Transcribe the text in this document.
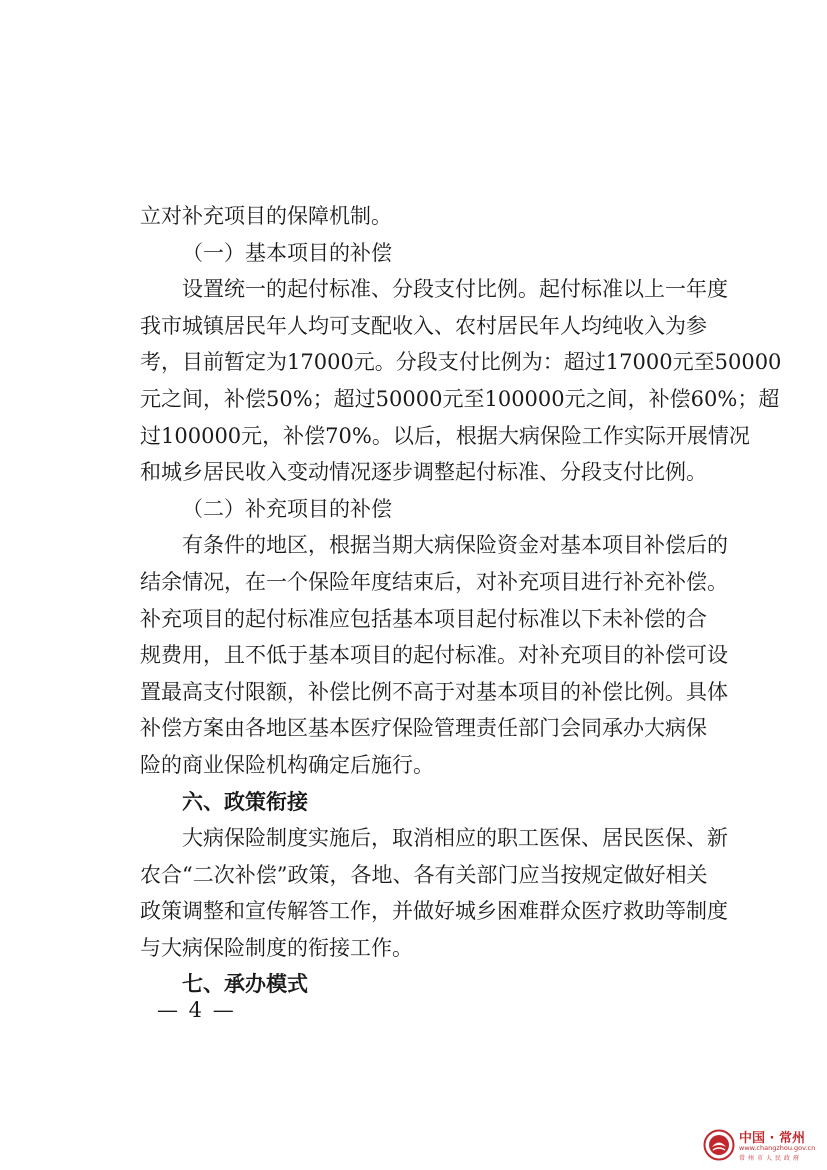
立对补充项目的保障机制。
（一）基本项目的补偿
设置统一的起付标准、分段支付比例。起付标准以上一年度
我市城镇居民年人均可支配收入、农村居民年人均纯收入为参
考，目前暂定为17000元。分段支付比例为：超过17000元至50000
元之间，补偿50%；超过50000元至100000元之间，补偿60%；超
过100000元，补偿70%。以后，根据大病保险工作实际开展情况
和城乡居民收入变动情况逐步调整起付标准、分段支付比例。
（二）补充项目的补偿
有条件的地区，根据当期大病保险资金对基本项目补偿后的
结余情况，在一个保险年度结束后，对补充项目进行补充补偿。
补充项目的起付标准应包括基本项目起付标准以下未补偿的合
规费用，且不低于基本项目的起付标准。对补充项目的补偿可设
置最高支付限额，补偿比例不高于对基本项目的补偿比例。具体
补偿方案由各地区基本医疗保险管理责任部门会同承办大病保
险的商业保险机构确定后施行。
六、政策衔接
大病保险制度实施后，取消相应的职工医保、居民医保、新
农合“二次补偿”政策，各地、各有关部门应当按规定做好相关
政策调整和宣传解答工作，并做好城乡困难群众医疗救助等制度
与大病保险制度的衔接工作。
七、承办模式
— 4 —
中国 · 常州
www.changzhou.gov.cn
常州市人民政府
